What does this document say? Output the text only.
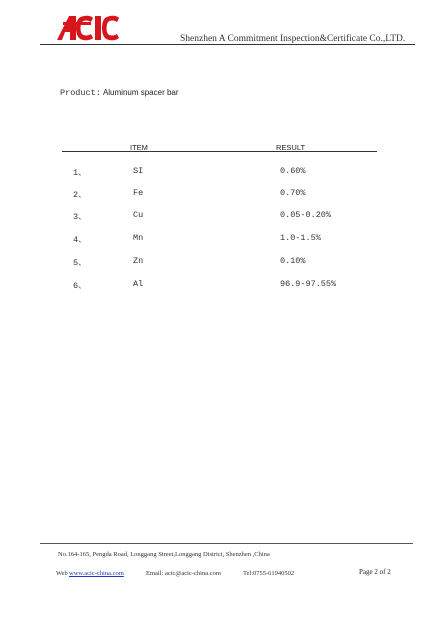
Shenzhen A Commitment Inspection&Certificate Co.,LTD.
Product: Aluminum spacer bar
ITEM	RESULT
1、	SI	0.60%
2、	Fe	0.70%
3、	Cu	0.05-0.20%
4、	Mn	1.0-1.5%
5、	Zn	0.10%
6、	Al	96.9-97.55%
No.164-165, Pengda Road, Longgang Street,Longgang District, Shenzhen ,China
Web www.acic-china.com	Email: acic@acic-china.com	Tel:0755-61940502	Page 2 of 2
